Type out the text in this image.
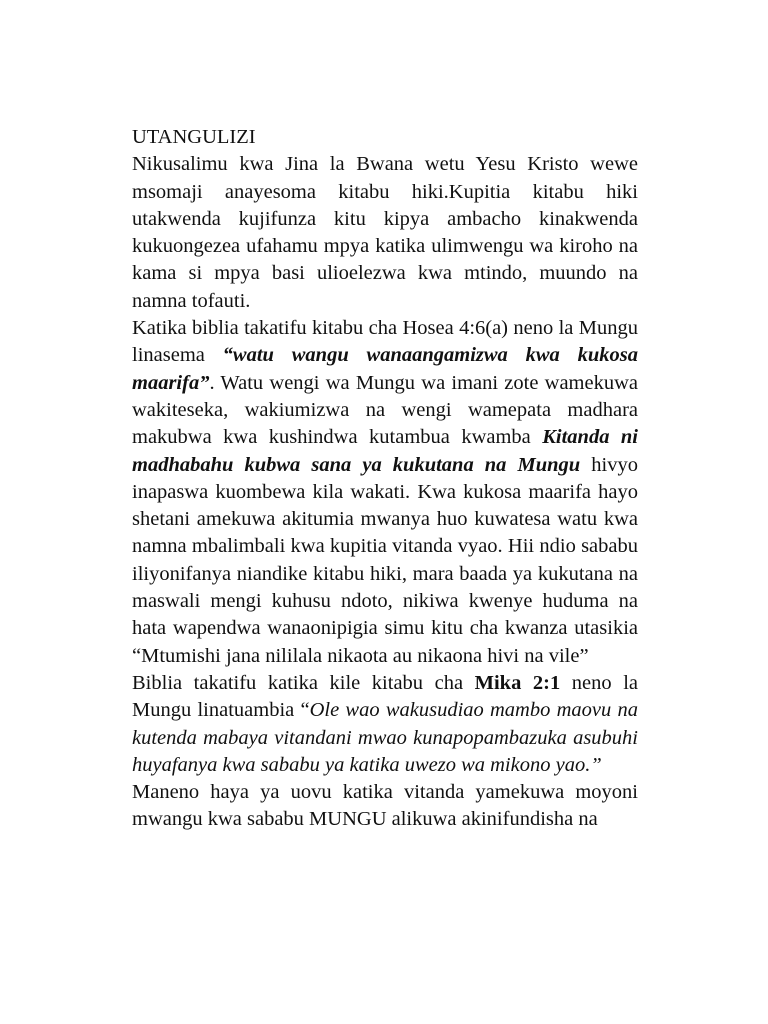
UTANGULIZI

Nikusalimu kwa Jina la Bwana wetu Yesu Kristo wewe msomaji anayesoma kitabu hiki.Kupitia kitabu hiki utakwenda kujifunza kitu kipya ambacho kinakwenda kukuongezea ufahamu mpya katika ulimwengu wa kiroho na kama si mpya basi ulioelezwa kwa mtindo, muundo na namna tofauti.

Katika biblia takatifu kitabu cha Hosea 4:6(a) neno la Mungu linasema “watu wangu wanaangamizwa kwa kukosa maarifa”. Watu wengi wa Mungu wa imani zote wamekuwa wakiteseka, wakiumizwa na wengi wamepata madhara makubwa kwa kushindwa kutambua kwamba Kitanda ni madhabahu kubwa sana ya kukutana na Mungu hivyo inapaswa kuombewa kila wakati. Kwa kukosa maarifa hayo shetani amekuwa akitumia mwanya huo kuwatesa watu kwa namna mbalimbali kwa kupitia vitanda vyao. Hii ndio sababu iliyonifanya niandike kitabu hiki, mara baada ya kukutana na maswali mengi kuhusu ndoto, nikiwa kwenye huduma na hata wapendwa wanaonipigia simu kitu cha kwanza utasikia “Mtumishi jana nililala nikaota au nikaona hivi na vile”

Biblia takatifu katika kile kitabu cha Mika 2:1 neno la Mungu linatuambia “Ole wao wakusudiao mambo maovu na kutenda mabaya vitandani mwao kunapopambazuka asubuhi huyafanya kwa sababu ya katika uwezo wa mikono yao.”

Maneno haya ya uovu katika vitanda yamekuwa moyoni mwangu kwa sababu MUNGU alikuwa akinifundisha na
